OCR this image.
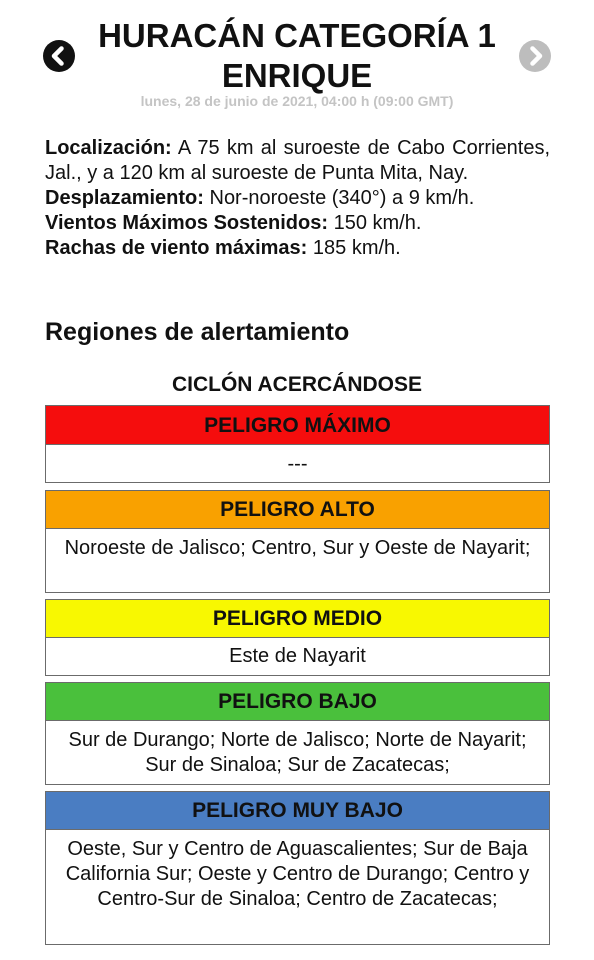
HURACÁN CATEGORÍA 1
ENRIQUE
lunes, 28 de junio de 2021, 04:00 h (09:00 GMT)

Localización: A 75 km al suroeste de Cabo Corrientes, Jal., y a 120 km al suroeste de Punta Mita, Nay.

Desplazamiento: Nor-noroeste (340°) a 9 km/h.

Vientos Máximos Sostenidos: 150 km/h.

Rachas de viento máximas: 185 km/h.

Regiones de alertamiento
CICLÓN ACERCÁNDOSE
PELIGRO MÁXIMO
---
PELIGRO ALTO
Noroeste de Jalisco; Centro, Sur y Oeste de Nayarit;
PELIGRO MEDIO
Este de Nayarit
PELIGRO BAJO
Sur de Durango; Norte de Jalisco; Norte de Nayarit; Sur de Sinaloa; Sur de Zacatecas;
PELIGRO MUY BAJO
Oeste, Sur y Centro de Aguascalientes; Sur de Baja California Sur; Oeste y Centro de Durango; Centro y Centro-Sur de Sinaloa; Centro de Zacatecas;
